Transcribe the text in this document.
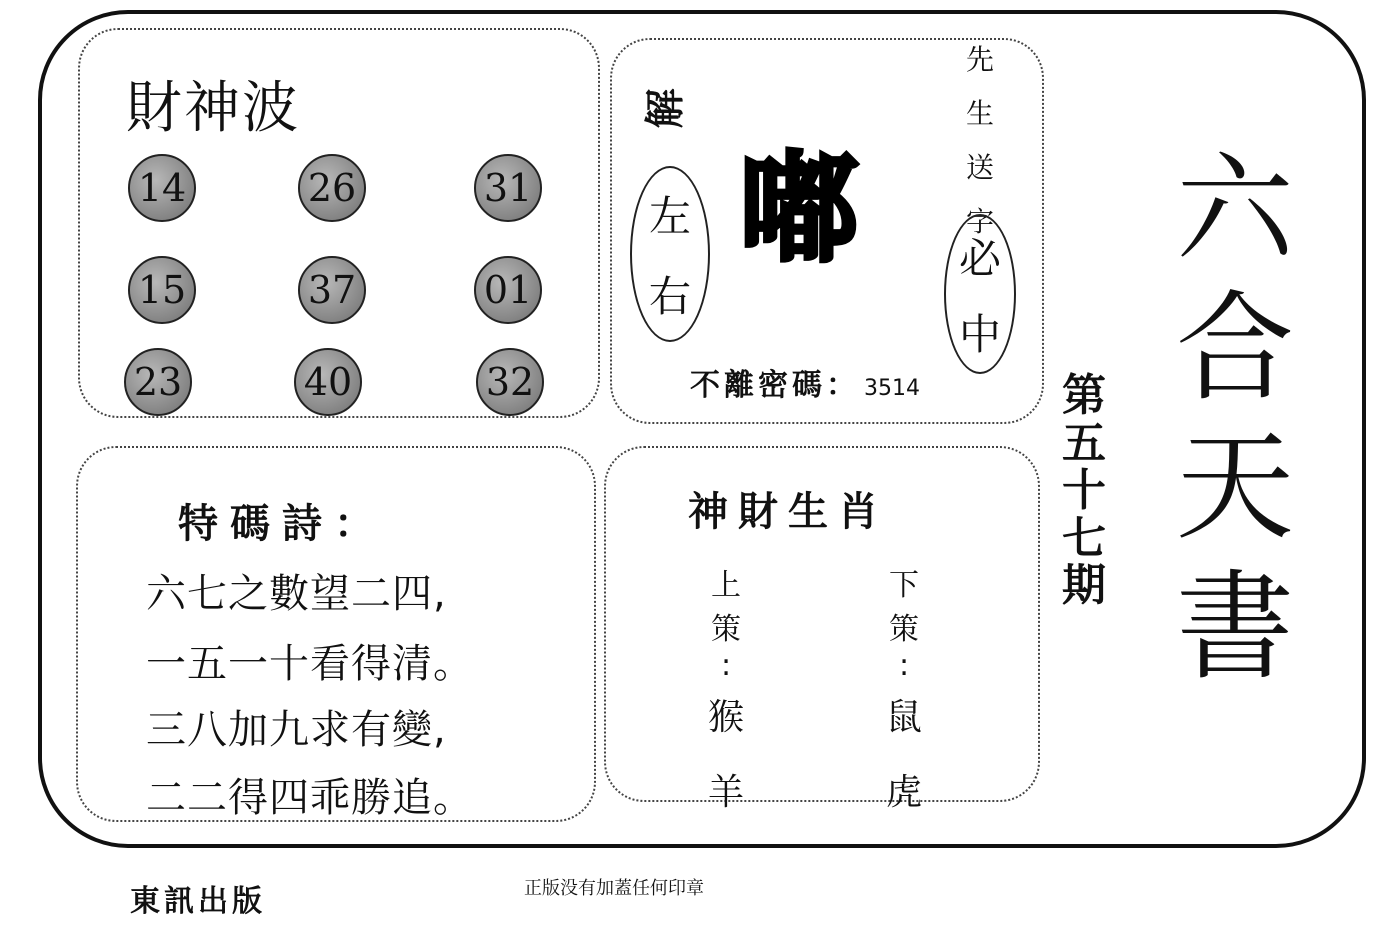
財神波
14	26	31
15	37	01
23	40	32
解
左
右
嘟
先
生
送
字
必
中
不離密碼： 3514
特碼詩：
六七之數望二四,
一五一十看得清。
三八加九求有變,
二二得四乖勝追。
神財生肖
上
策
:
猴
羊
下
策
:
鼠
虎
第
五
十
七
期
六
合
天
書
東訊出版	正版没有加蓋任何印章
